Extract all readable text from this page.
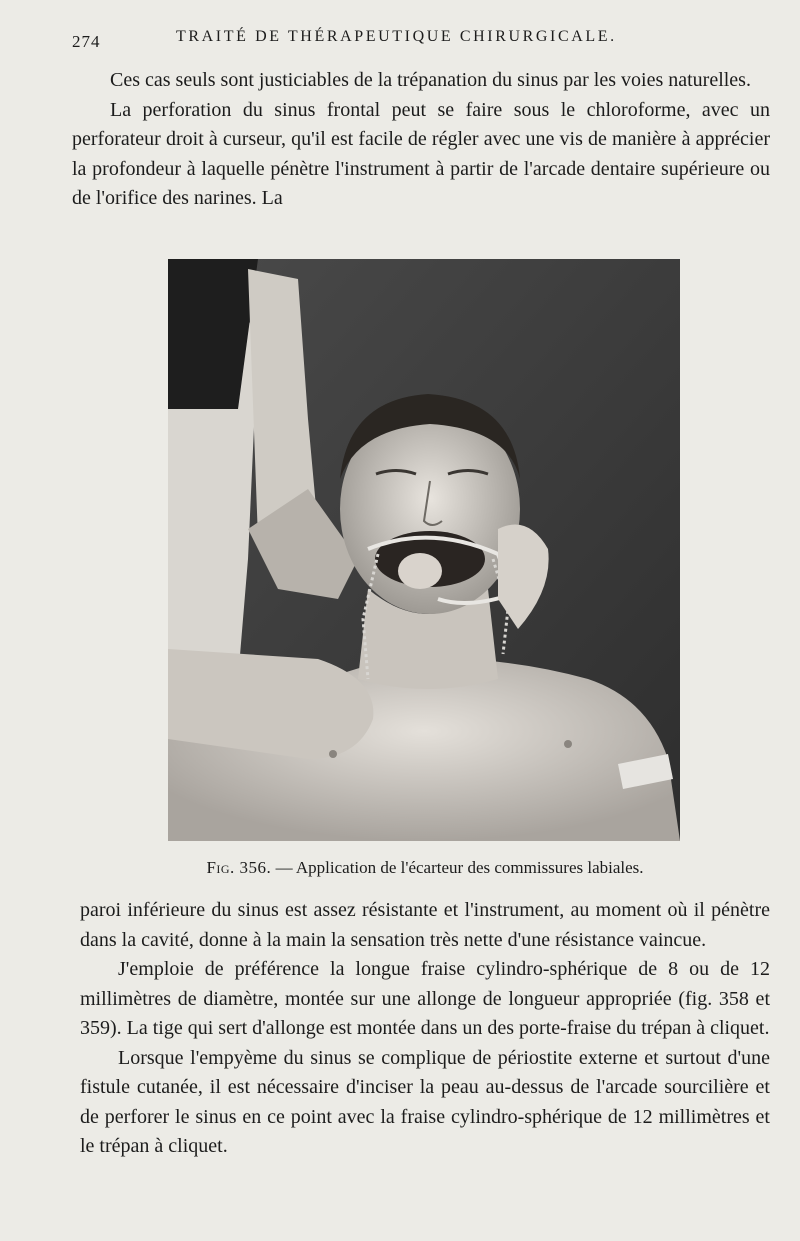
274	TRAITÉ DE THÉRAPEUTIQUE CHIRURGICALE.

Ces cas seuls sont justiciables de la trépanation du sinus par les voies naturelles.

La perforation du sinus frontal peut se faire sous le chloroforme, avec un perforateur droit à curseur, qu'il est facile de régler avec une vis de manière à apprécier la profondeur à laquelle pénètre l'instrument à partir de l'arcade dentaire supérieure ou de l'orifice des narines. La

Fig. 356. — Application de l'écarteur des commissures labiales.

paroi inférieure du sinus est assez résistante et l'instrument, au moment où il pénètre dans la cavité, donne à la main la sensation très nette d'une résistance vaincue.

J'emploie de préférence la longue fraise cylindro-sphérique de 8 ou de 12 millimètres de diamètre, montée sur une allonge de longueur appropriée (fig. 358 et 359). La tige qui sert d'allonge est montée dans un des porte-fraise du trépan à cliquet.

Lorsque l'empyème du sinus se complique de périostite externe et surtout d'une fistule cutanée, il est nécessaire d'inciser la peau au-dessus de l'arcade sourcilière et de perforer le sinus en ce point avec la fraise cylindro-sphérique de 12 millimètres et le trépan à cliquet.
